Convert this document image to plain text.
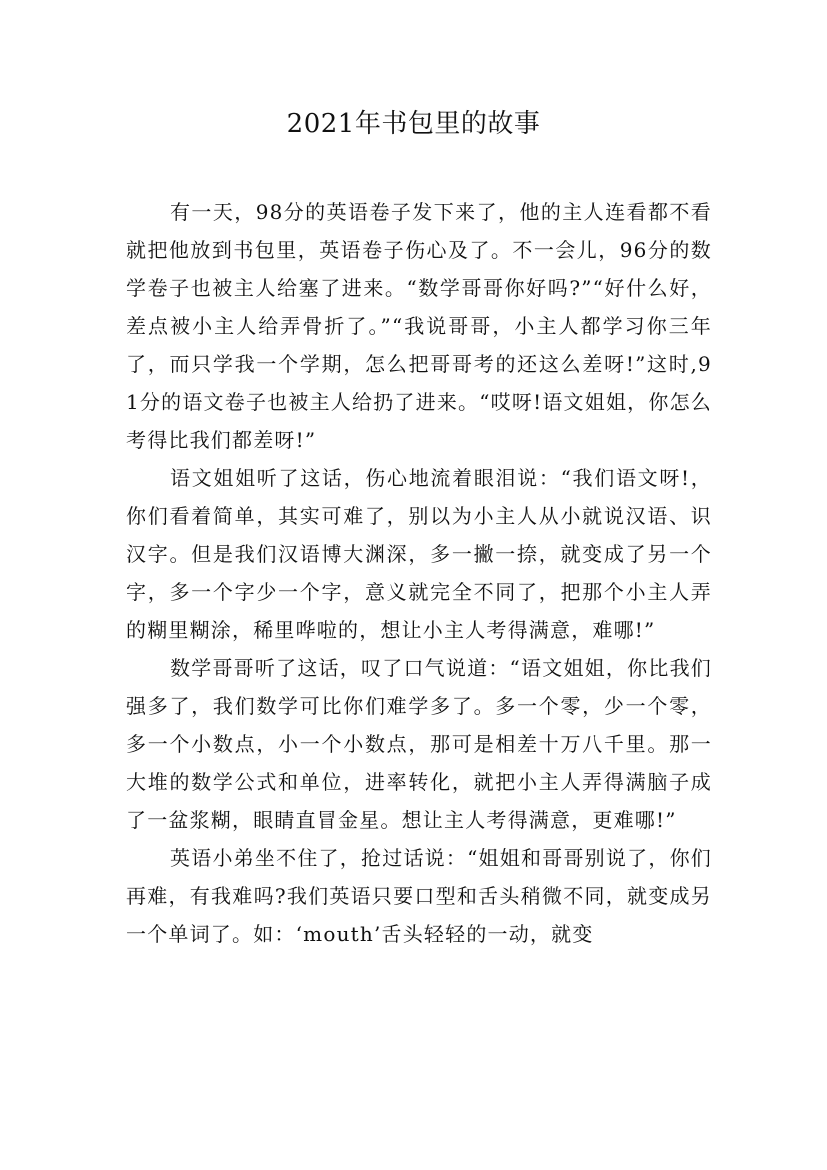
2021年书包里的故事

有一天，98分的英语卷子发下来了，他的主人连看都不看就把他放到书包里，英语卷子伤心及了。不一会儿，96分的数学卷子也被主人给塞了进来。“数学哥哥你好吗?”“好什么好，差点被小主人给弄骨折了。”“我说哥哥，小主人都学习你三年了，而只学我一个学期，怎么把哥哥考的还这么差呀!”这时,91分的语文卷子也被主人给扔了进来。“哎呀!语文姐姐，你怎么考得比我们都差呀!”

语文姐姐听了这话，伤心地流着眼泪说：“我们语文呀!，你们看着简单，其实可难了，别以为小主人从小就说汉语、识汉字。但是我们汉语博大渊深，多一撇一捺，就变成了另一个字，多一个字少一个字，意义就完全不同了，把那个小主人弄的糊里糊涂，稀里哗啦的，想让小主人考得满意，难哪!”

数学哥哥听了这话，叹了口气说道：“语文姐姐，你比我们强多了，我们数学可比你们难学多了。多一个零，少一个零，多一个小数点，小一个小数点，那可是相差十万八千里。那一大堆的数学公式和单位，进率转化，就把小主人弄得满脑子成了一盆浆糊，眼睛直冒金星。想让主人考得满意，更难哪!”

英语小弟坐不住了，抢过话说：“姐姐和哥哥别说了，你们再难，有我难吗?我们英语只要口型和舌头稍微不同，就变成另一个单词了。如：‘mouth’舌头轻轻的一动，就变
